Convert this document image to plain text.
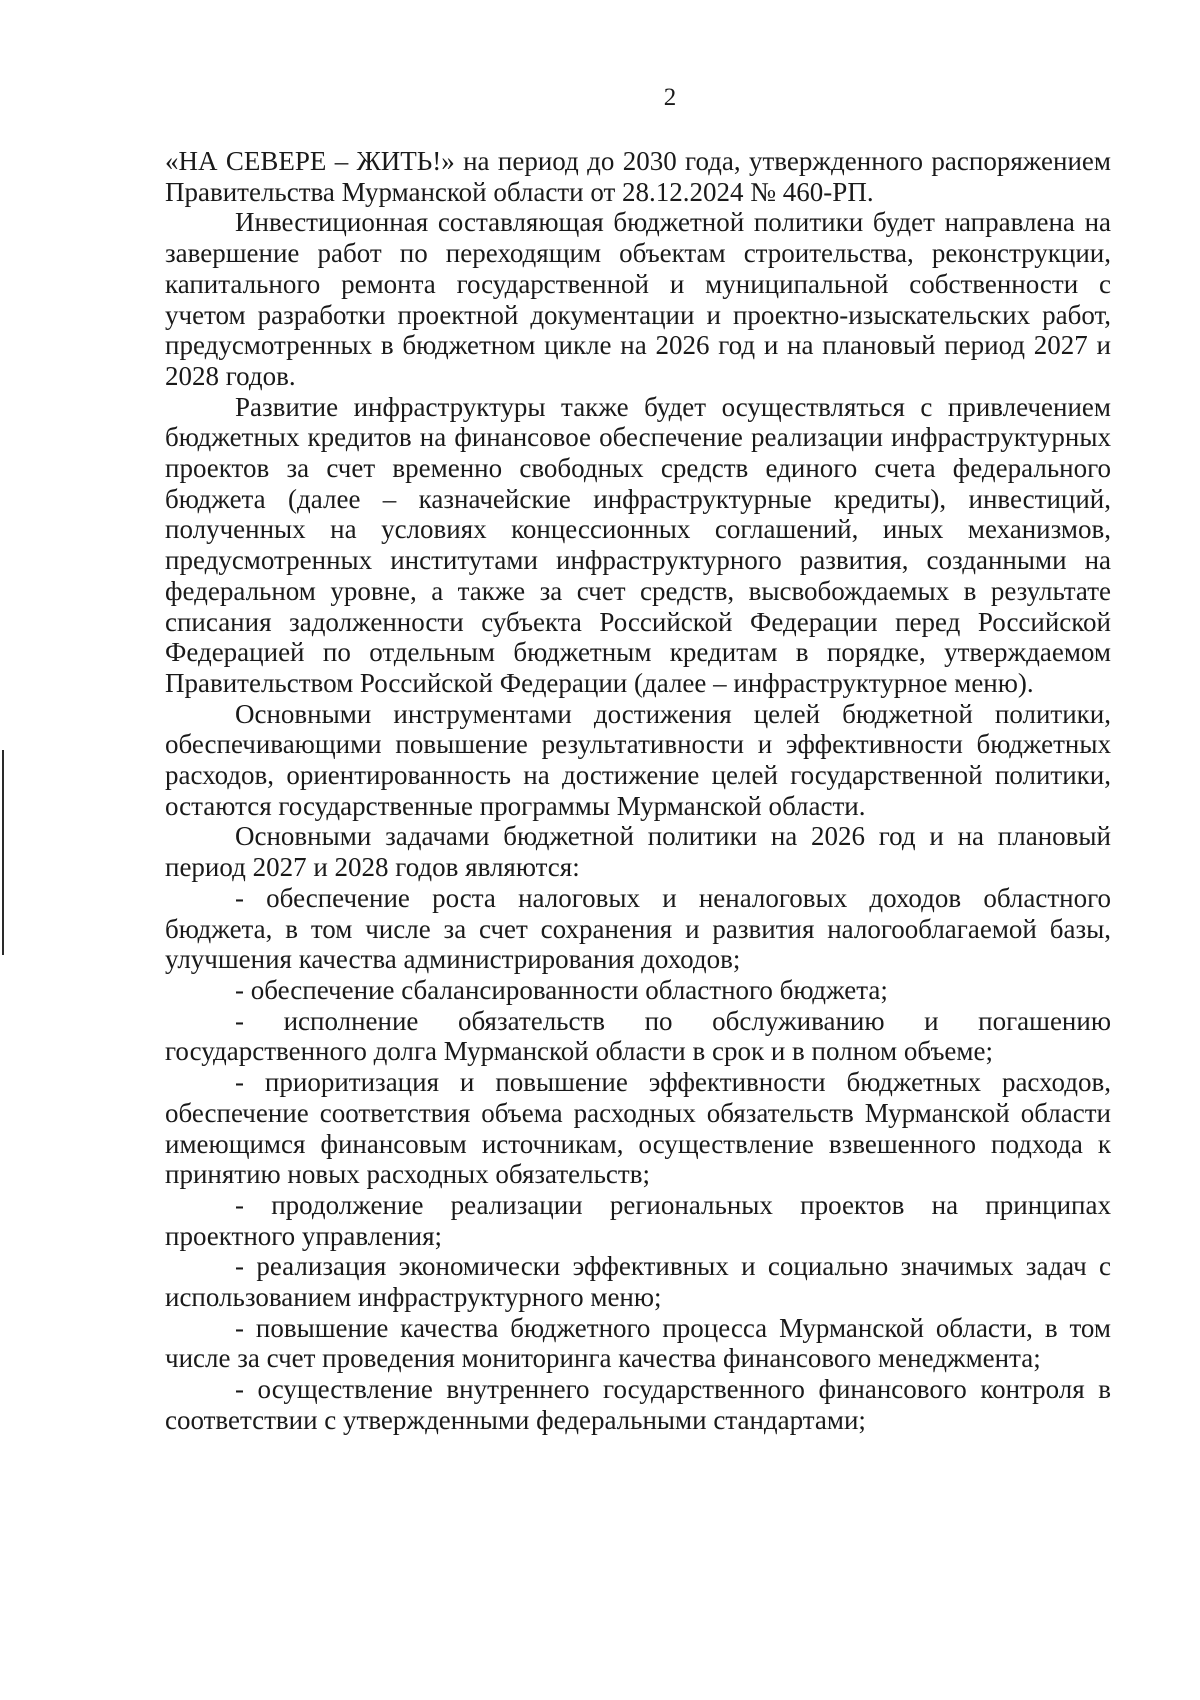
2

«НА СЕВЕРЕ – ЖИТЬ!» на период до 2030 года, утвержденного распоряжением Правительства Мурманской области от 28.12.2024 № 460-РП.

Инвестиционная составляющая бюджетной политики будет направлена на завершение работ по переходящим объектам строительства, реконструкции, капитального ремонта государственной и муниципальной собственности с учетом разработки проектной документации и проектно-изыскательских работ, предусмотренных в бюджетном цикле на 2026 год и на плановый период 2027 и 2028 годов.

Развитие инфраструктуры также будет осуществляться с привлечением бюджетных кредитов на финансовое обеспечение реализации инфраструктурных проектов за счет временно свободных средств единого счета федерального бюджета (далее – казначейские инфраструктурные кредиты), инвестиций, полученных на условиях концессионных соглашений, иных механизмов, предусмотренных институтами инфраструктурного развития, созданными на федеральном уровне, а также за счет средств, высвобождаемых в результате списания задолженности субъекта Российской Федерации перед Российской Федерацией по отдельным бюджетным кредитам в порядке, утверждаемом Правительством Российской Федерации (далее – инфраструктурное меню).

Основными инструментами достижения целей бюджетной политики, обеспечивающими повышение результативности и эффективности бюджетных расходов, ориентированность на достижение целей государственной политики, остаются государственные программы Мурманской области.

Основными задачами бюджетной политики на 2026 год и на плановый период 2027 и 2028 годов являются:

- обеспечение роста налоговых и неналоговых доходов областного бюджета, в том числе за счет сохранения и развития налогооблагаемой базы, улучшения качества администрирования доходов;

- обеспечение сбалансированности областного бюджета;

- исполнение обязательств по обслуживанию и погашению государственного долга Мурманской области в срок и в полном объеме;

- приоритизация и повышение эффективности бюджетных расходов, обеспечение соответствия объема расходных обязательств Мурманской области имеющимся финансовым источникам, осуществление взвешенного подхода к принятию новых расходных обязательств;

- продолжение реализации региональных проектов на принципах проектного управления;

- реализация экономически эффективных и социально значимых задач с использованием инфраструктурного меню;

- повышение качества бюджетного процесса Мурманской области, в том числе за счет проведения мониторинга качества финансового менеджмента;

- осуществление внутреннего государственного финансового контроля в соответствии с утвержденными федеральными стандартами;
